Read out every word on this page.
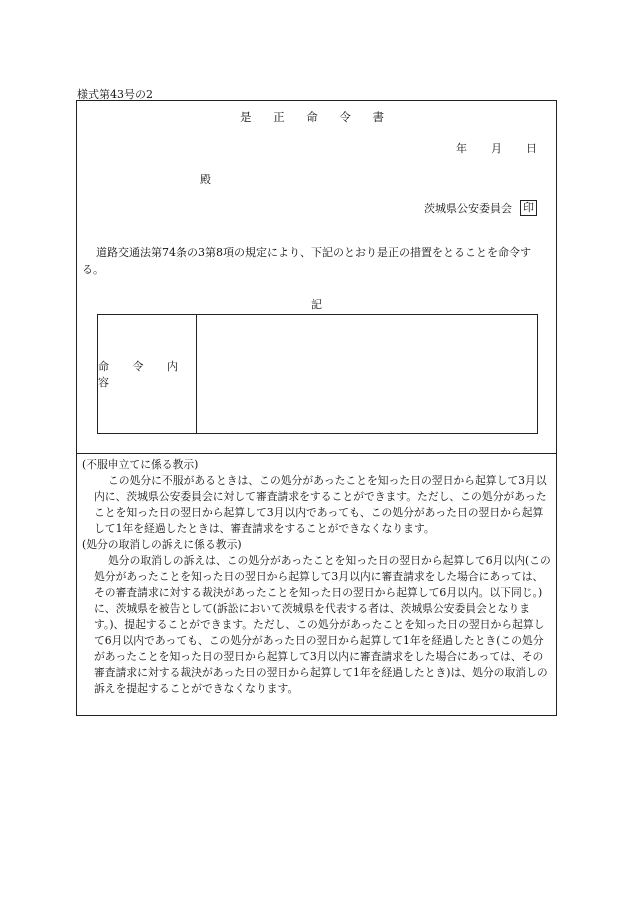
様式第43号の2
是 正 命 令 書
年	月	日
殿
茨城県公安委員会 印
道路交通法第74条の3第8項の規定により、下記のとおり是正の措置をとることを命令する。
記
命 令 内 容
(不服申立てに係る教示)
この処分に不服があるときは、この処分があったことを知った日の翌日から起算して3月以内に、茨城県公安委員会に対して審査請求をすることができます。ただし、この処分があったことを知った日の翌日から起算して3月以内であっても、この処分があった日の翌日から起算して1年を経過したときは、審査請求をすることができなくなります。
(処分の取消しの訴えに係る教示)
処分の取消しの訴えは、この処分があったことを知った日の翌日から起算して6月以内(この処分があったことを知った日の翌日から起算して3月以内に審査請求をした場合にあっては、その審査請求に対する裁決があったことを知った日の翌日から起算して6月以内。以下同じ。)に、茨城県を被告として(訴訟において茨城県を代表する者は、茨城県公安委員会となります。)、提起することができます。ただし、この処分があったことを知った日の翌日から起算して6月以内であっても、この処分があった日の翌日から起算して1年を経過したとき(この処分があったことを知った日の翌日から起算して3月以内に審査請求をした場合にあっては、その審査請求に対する裁決があった日の翌日から起算して1年を経過したとき)は、処分の取消しの訴えを提起することができなくなります。
